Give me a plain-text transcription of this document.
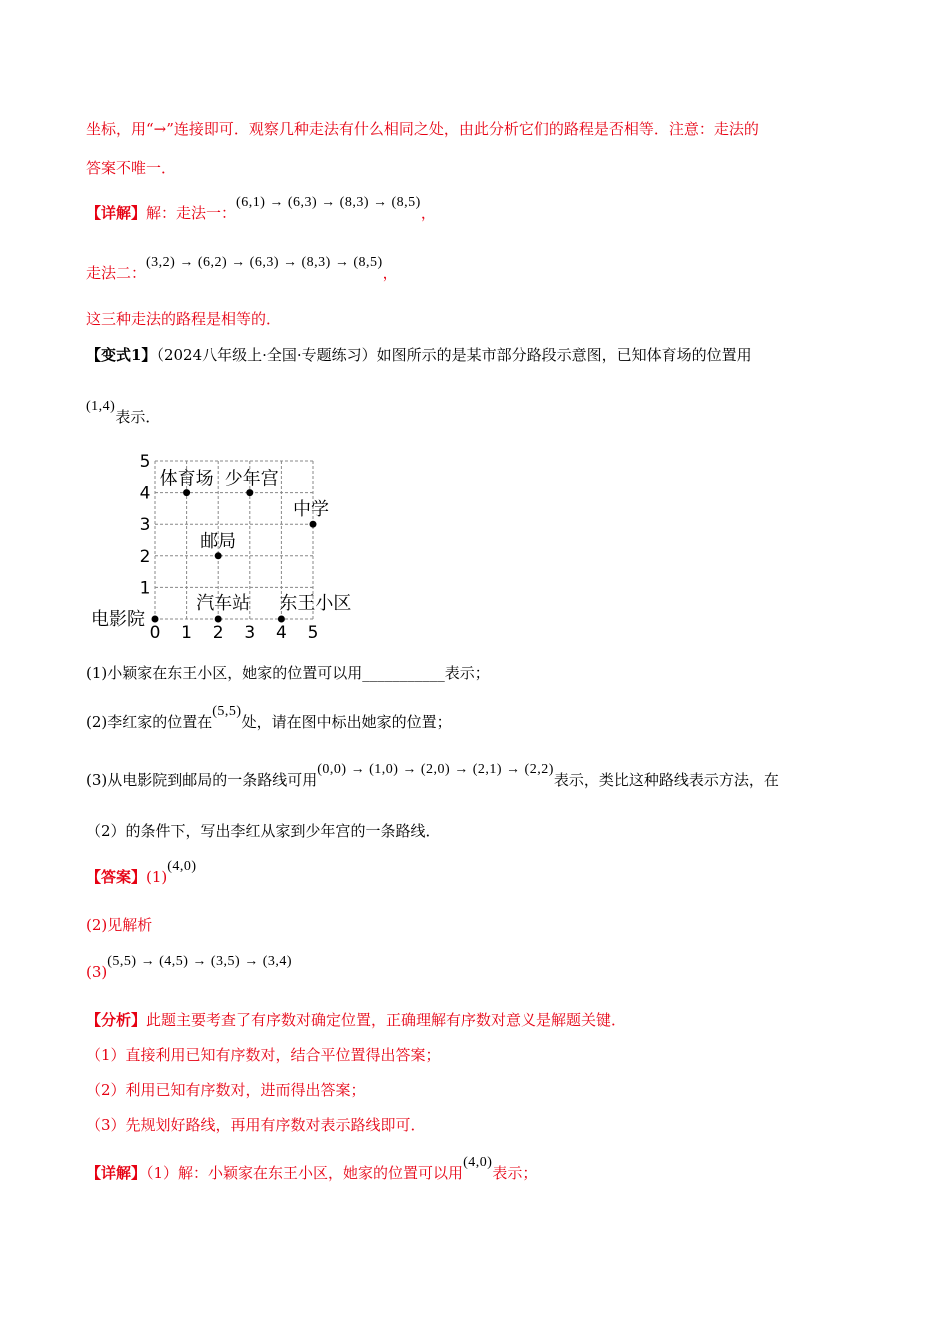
坐标，用“→”连接即可．观察几种走法有什么相同之处，由此分析它们的路程是否相等．注意：走法的
答案不唯一．
【详解】解：走法一：(6,1) → (6,3) → (8,3) → (8,5)，
走法二：(3,2) → (6,2) → (6,3) → (8,3) → (8,5)，
这三种走法的路程是相等的．
【变式1】（2024八年级上·全国·专题练习）如图所示的是某市部分路段示意图，已知体育场的位置用
(1,4)表示．
0 1 2 3 4 5
1
2
3
4
5
体育场 少年宫
中学
邮局
汽车站 东王小区
电影院
(1)小颖家在东王小区，她家的位置可以用___________表示；
(2)李红家的位置在(5,5)处，请在图中标出她家的位置；
(3)从电影院到邮局的一条路线可用(0,0) → (1,0) → (2,0) → (2,1) → (2,2)表示，类比这种路线表示方法，在
（2）的条件下，写出李红从家到少年宫的一条路线．
【答案】(1)(4,0)
(2)见解析
(3)(5,5) → (4,5) → (3,5) → (3,4)
【分析】此题主要考查了有序数对确定位置，正确理解有序数对意义是解题关键．
（1）直接利用已知有序数对，结合平位置得出答案；
（2）利用已知有序数对，进而得出答案；
（3）先规划好路线，再用有序数对表示路线即可．
【详解】（1）解：小颖家在东王小区，她家的位置可以用(4,0)表示；
